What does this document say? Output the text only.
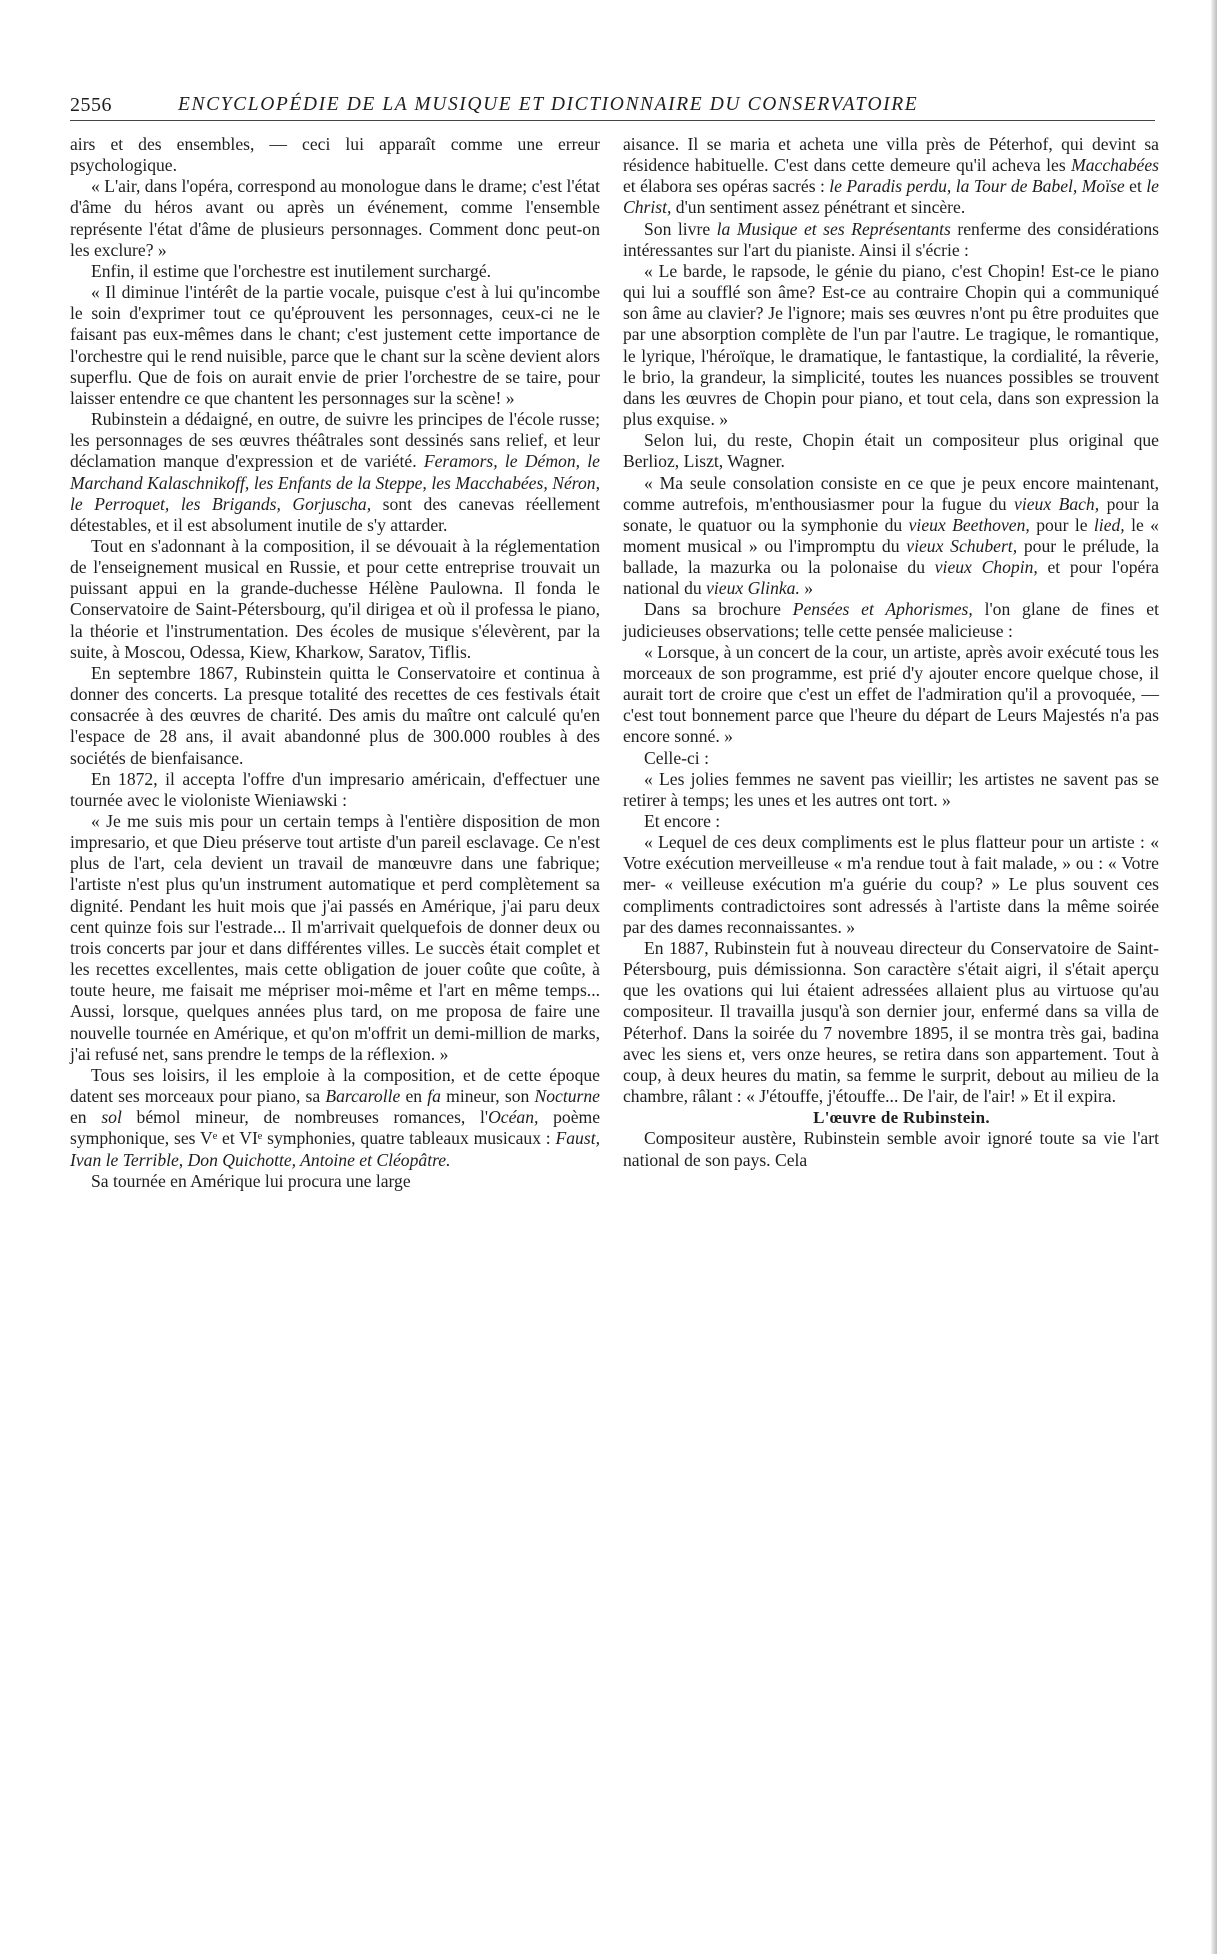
2556	ENCYCLOPÉDIE DE LA MUSIQUE ET DICTIONNAIRE DU CONSERVATOIRE

airs et des ensembles, — ceci lui apparaît comme une erreur psychologique.

« L'air, dans l'opéra, correspond au monologue dans le drame; c'est l'état d'âme du héros avant ou après un événement, comme l'ensemble représente l'état d'âme de plusieurs personnages. Comment donc peut-on les exclure? »

Enfin, il estime que l'orchestre est inutilement surchargé.

« Il diminue l'intérêt de la partie vocale, puisque c'est à lui qu'incombe le soin d'exprimer tout ce qu'éprouvent les personnages, ceux-ci ne le faisant pas eux-mêmes dans le chant; c'est justement cette importance de l'orchestre qui le rend nuisible, parce que le chant sur la scène devient alors superflu. Que de fois on aurait envie de prier l'orchestre de se taire, pour laisser entendre ce que chantent les personnages sur la scène! »

Rubinstein a dédaigné, en outre, de suivre les principes de l'école russe; les personnages de ses œuvres théâtrales sont dessinés sans relief, et leur déclamation manque d'expression et de variété. Feramors, le Démon, le Marchand Kalaschnikoff, les Enfants de la Steppe, les Macchabées, Néron, le Perroquet, les Brigands, Gorjuscha, sont des canevas réellement détestables, et il est absolument inutile de s'y attarder.

Tout en s'adonnant à la composition, il se dévouait à la réglementation de l'enseignement musical en Russie, et pour cette entreprise trouvait un puissant appui en la grande-duchesse Hélène Paulowna. Il fonda le Conservatoire de Saint-Pétersbourg, qu'il dirigea et où il professa le piano, la théorie et l'instrumentation. Des écoles de musique s'élevèrent, par la suite, à Moscou, Odessa, Kiew, Kharkow, Saratov, Tiflis.

En septembre 1867, Rubinstein quitta le Conservatoire et continua à donner des concerts. La presque totalité des recettes de ces festivals était consacrée à des œuvres de charité. Des amis du maître ont calculé qu'en l'espace de 28 ans, il avait abandonné plus de 300.000 roubles à des sociétés de bienfaisance.

En 1872, il accepta l'offre d'un impresario américain, d'effectuer une tournée avec le violoniste Wieniawski :

« Je me suis mis pour un certain temps à l'entière disposition de mon impresario, et que Dieu préserve tout artiste d'un pareil esclavage. Ce n'est plus de l'art, cela devient un travail de manœuvre dans une fabrique; l'artiste n'est plus qu'un instrument automatique et perd complètement sa dignité. Pendant les huit mois que j'ai passés en Amérique, j'ai paru deux cent quinze fois sur l'estrade... Il m'arrivait quelquefois de donner deux ou trois concerts par jour et dans différentes villes. Le succès était complet et les recettes excellentes, mais cette obligation de jouer coûte que coûte, à toute heure, me faisait me mépriser moi-même et l'art en même temps... Aussi, lorsque, quelques années plus tard, on me proposa de faire une nouvelle tournée en Amérique, et qu'on m'offrit un demi-million de marks, j'ai refusé net, sans prendre le temps de la réflexion. »

Tous ses loisirs, il les emploie à la composition, et de cette époque datent ses morceaux pour piano, sa Barcarolle en fa mineur, son Nocturne en sol bémol mineur, de nombreuses romances, l'Océan, poème symphonique, ses Vᵉ et VIᵉ symphonies, quatre tableaux musicaux : Faust, Ivan le Terrible, Don Quichotte, Antoine et Cléopâtre.

Sa tournée en Amérique lui procura une large

aisance. Il se maria et acheta une villa près de Péterhof, qui devint sa résidence habituelle. C'est dans cette demeure qu'il acheva les Macchabées et élabora ses opéras sacrés : le Paradis perdu, la Tour de Babel, Moïse et le Christ, d'un sentiment assez pénétrant et sincère.

Son livre la Musique et ses Représentants renferme des considérations intéressantes sur l'art du pianiste. Ainsi il s'écrie :

« Le barde, le rapsode, le génie du piano, c'est Chopin! Est-ce le piano qui lui a soufflé son âme? Est-ce au contraire Chopin qui a communiqué son âme au clavier? Je l'ignore; mais ses œuvres n'ont pu être produites que par une absorption complète de l'un par l'autre. Le tragique, le romantique, le lyrique, l'héroïque, le dramatique, le fantastique, la cordialité, la rêverie, le brio, la grandeur, la simplicité, toutes les nuances possibles se trouvent dans les œuvres de Chopin pour piano, et tout cela, dans son expression la plus exquise. »

Selon lui, du reste, Chopin était un compositeur plus original que Berlioz, Liszt, Wagner.

« Ma seule consolation consiste en ce que je peux encore maintenant, comme autrefois, m'enthousiasmer pour la fugue du vieux Bach, pour la sonate, le quatuor ou la symphonie du vieux Beethoven, pour le lied, le « moment musical » ou l'impromptu du vieux Schubert, pour le prélude, la ballade, la mazurka ou la polonaise du vieux Chopin, et pour l'opéra national du vieux Glinka. »

Dans sa brochure Pensées et Aphorismes, l'on glane de fines et judicieuses observations; telle cette pensée malicieuse :

« Lorsque, à un concert de la cour, un artiste, après avoir exécuté tous les morceaux de son programme, est prié d'y ajouter encore quelque chose, il aurait tort de croire que c'est un effet de l'admiration qu'il a provoquée, — c'est tout bonnement parce que l'heure du départ de Leurs Majestés n'a pas encore sonné. »

Celle-ci :

« Les jolies femmes ne savent pas vieillir; les artistes ne savent pas se retirer à temps; les unes et les autres ont tort. »

Et encore :

« Lequel de ces deux compliments est le plus flatteur pour un artiste : « Votre exécution merveilleuse « m'a rendue tout à fait malade, » ou : « Votre mer- « veilleuse exécution m'a guérie du coup? » Le plus souvent ces compliments contradictoires sont adressés à l'artiste dans la même soirée par des dames reconnaissantes. »

En 1887, Rubinstein fut à nouveau directeur du Conservatoire de Saint-Pétersbourg, puis démissionna. Son caractère s'était aigri, il s'était aperçu que les ovations qui lui étaient adressées allaient plus au virtuose qu'au compositeur. Il travailla jusqu'à son dernier jour, enfermé dans sa villa de Péterhof. Dans la soirée du 7 novembre 1895, il se montra très gai, badina avec les siens et, vers onze heures, se retira dans son appartement. Tout à coup, à deux heures du matin, sa femme le surprit, debout au milieu de la chambre, râlant : « J'étouffe, j'étouffe... De l'air, de l'air! » Et il expira.

L'œuvre de Rubinstein.

Compositeur austère, Rubinstein semble avoir ignoré toute sa vie l'art national de son pays. Cela
